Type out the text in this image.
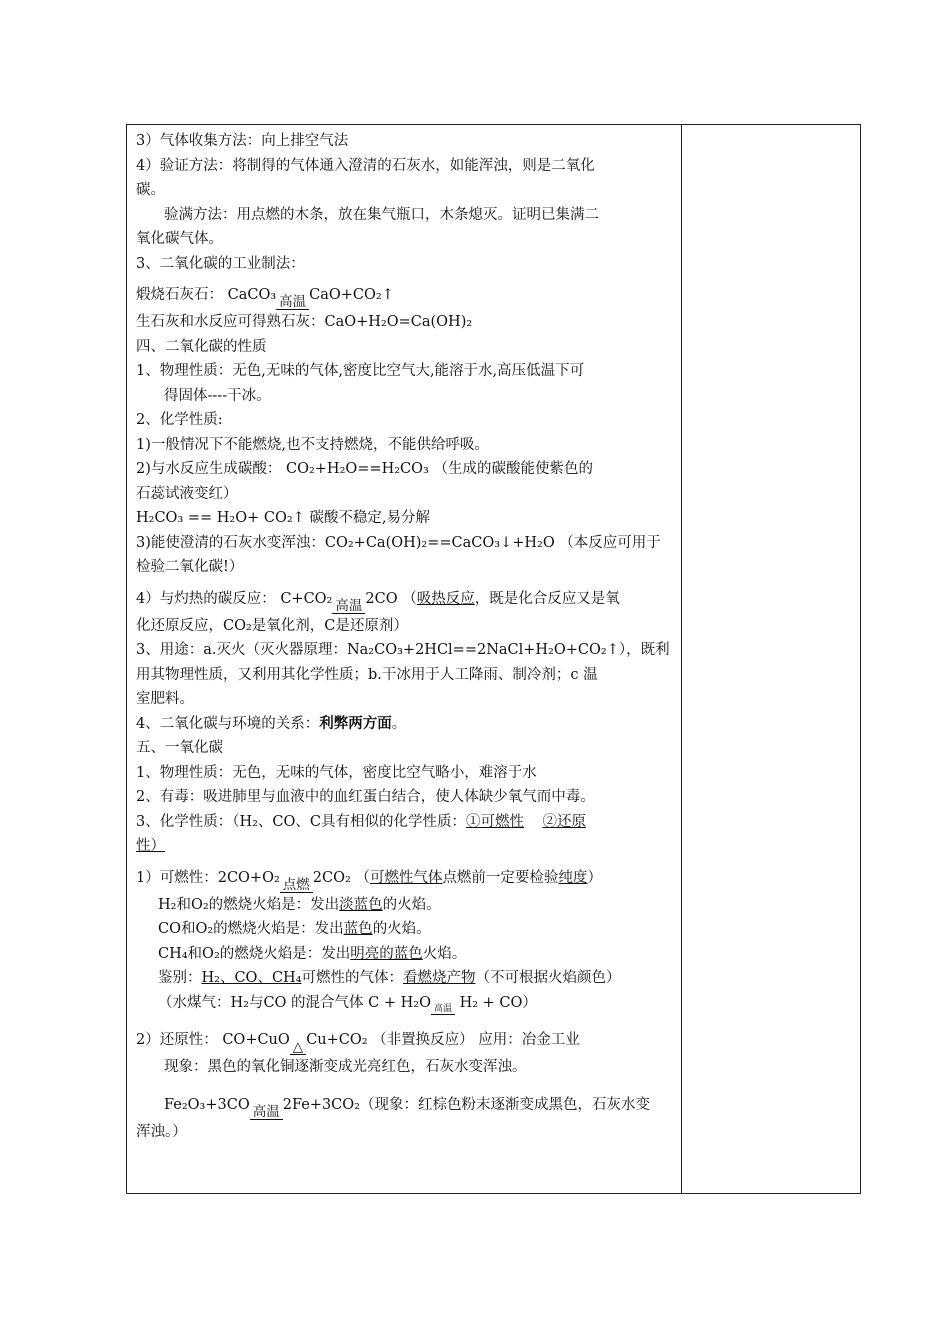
3）气体收集方法：向上排空气法
4）验证方法：将制得的气体通入澄清的石灰水，如能浑浊，则是二氧化
碳。
验满方法：用点燃的木条，放在集气瓶口，木条熄灭。证明已集满二
氧化碳气体。
3、二氧化碳的工业制法：
煅烧石灰石： CaCO₃ 高温 CaO+CO₂↑
生石灰和水反应可得熟石灰：CaO+H₂O=Ca(OH)₂
四、二氧化碳的性质
1、物理性质：无色,无味的气体,密度比空气大,能溶于水,高压低温下可
得固体----干冰。
2、化学性质:
1)一般情况下不能燃烧,也不支持燃烧，不能供给呼吸。
2)与水反应生成碳酸： CO₂+H₂O==H₂CO₃ （生成的碳酸能使紫色的
石蕊试液变红）
H₂CO₃ == H₂O+ CO₂↑ 碳酸不稳定,易分解
3)能使澄清的石灰水变浑浊：CO₂+Ca(OH)₂==CaCO₃↓+H₂O （本反应可用于
检验二氧化碳!）
4）与灼热的碳反应： C+CO₂ 高温 2CO （吸热反应，既是化合反应又是氧
化还原反应，CO₂是氧化剂，C是还原剂）
3、用途：a.灭火（灭火器原理：Na₂CO₃+2HCl==2NaCl+H₂O+CO₂↑），既利
用其物理性质，又利用其化学性质；b.干冰用于人工降雨、制冷剂；c 温
室肥料。
4、二氧化碳与环境的关系：利弊两方面。
五、一氧化碳
1、物理性质：无色，无味的气体，密度比空气略小，难溶于水
2、有毒：吸进肺里与血液中的血红蛋白结合，使人体缺少氧气而中毒。
3、化学性质：（H₂、CO、C具有相似的化学性质：①可燃性 ②还原
性）
1）可燃性：2CO+O₂ 点燃 2CO₂ （可燃性气体点燃前一定要检验纯度）
H₂和O₂的燃烧火焰是：发出淡蓝色的火焰。
CO和O₂的燃烧火焰是：发出蓝色的火焰。
CH₄和O₂的燃烧火焰是：发出明亮的蓝色火焰。
鉴别：H₂、CO、CH₄可燃性的气体：看燃烧产物（不可根据火焰颜色）
（水煤气：H₂与CO 的混合气体 C + H₂O 高温 H₂ + CO）
2）还原性： CO+CuO △ Cu+CO₂ （非置换反应） 应用：冶金工业
现象：黑色的氧化铜逐渐变成光亮红色，石灰水变浑浊。
Fe₂O₃+3CO 高温 2Fe+3CO₂（现象：红棕色粉末逐渐变成黑色，石灰水变
浑浊。）
